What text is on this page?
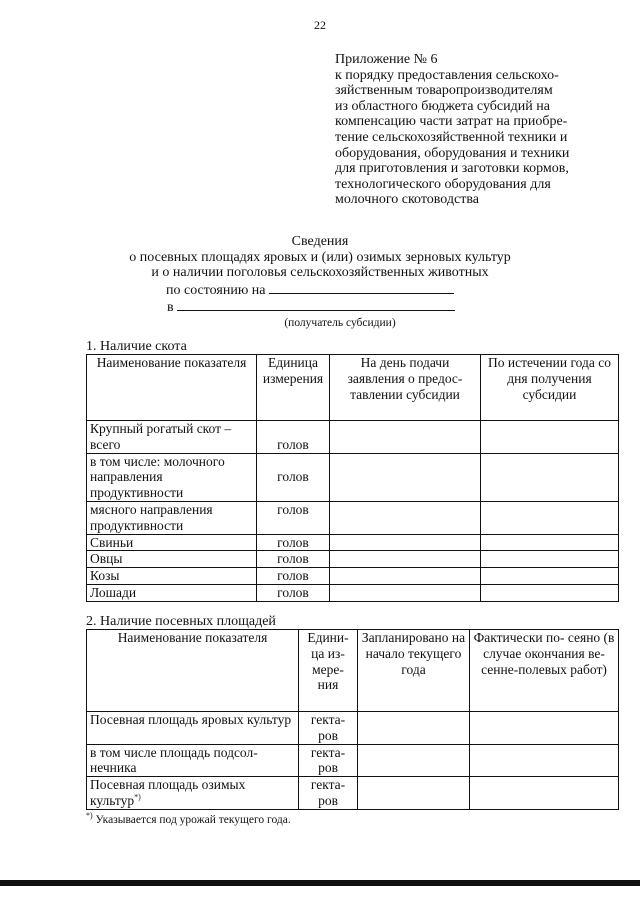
22
Приложение № 6
к порядку предоставления сельскохо-
зяйственным товаропроизводителям
из областного бюджета субсидий на
компенсацию части затрат на приобре-
тение сельскохозяйственной техники и
оборудования, оборудования и техники
для приготовления и заготовки кормов,
технологического оборудования для
молочного скотоводства
Сведения
о посевных площадях яровых и (или) озимых зерновых культур
и о наличии поголовья сельскохозяйственных животных
по состоянию на
в
(получатель субсидии)
1. Наличие скота
Наименование показателя	Единица измерения	На день подачи заявления о предос- тавлении субсидии	По истечении года со дня получения субсидии
Крупный рогатый скот – всего	голов		
в том числе: молочного направления продуктивности	голов		
мясного направления продуктивности	голов		
Свиньи	голов		
Овцы	голов		
Козы	голов		
Лошади	голов		
2. Наличие посевных площадей
Наименование показателя	Едини- ца из- мере- ния	Запланировано на начало текущего года	Фактически по- сеяно (в случае окончания ве- сенне-полевых работ)
Посевная площадь яровых культур	гекта- ров		
в том числе площадь подсол- нечника	гекта- ров		
Посевная площадь озимых культур*)	гекта- ров		
*) Указывается под урожай текущего года.
